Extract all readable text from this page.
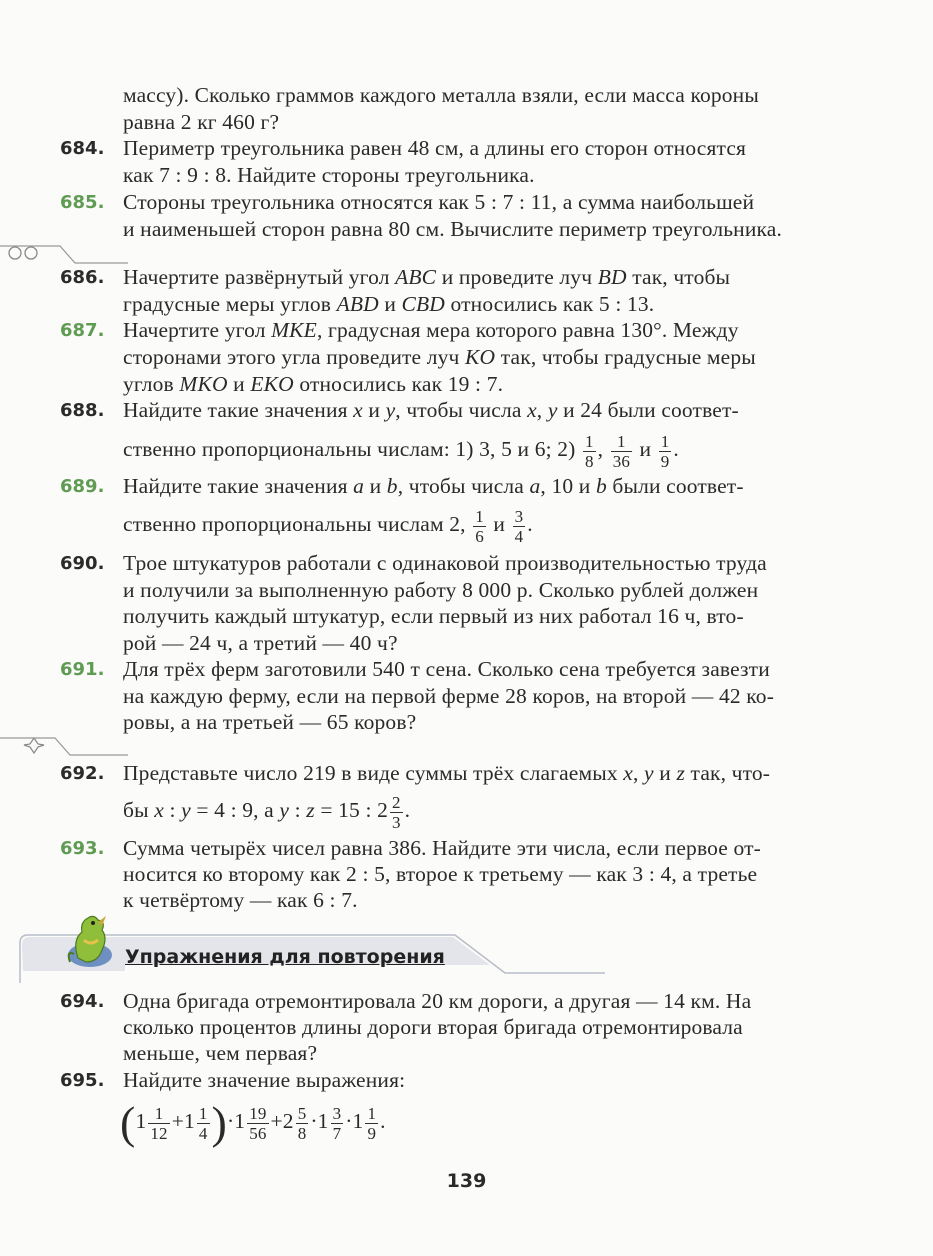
массу). Сколько граммов каждого металла взяли, если масса короны
равна 2 кг 460 г?
684. Периметр треугольника равен 48 см, а длины его сторон относятся
как 7 : 9 : 8. Найдите стороны треугольника.
685. Стороны треугольника относятся как 5 : 7 : 11, а сумма наибольшей
и наименьшей сторон равна 80 см. Вычислите периметр треугольника.
686. Начертите развёрнутый угол ABC и проведите луч BD так, чтобы
градусные меры углов ABD и CBD относились как 5 : 13.
687. Начертите угол MKE, градусная мера которого равна 130°. Между
сторонами этого угла проведите луч KO так, чтобы градусные меры
углов MKO и EKO относились как 19 : 7.
688. Найдите такие значения x и y, чтобы числа x, y и 24 были соответ-
ственно пропорциональны числам: 1) 3, 5 и 6; $2) \frac{1}{8}$ , $\frac{1}{36}$ и $\frac{1}{9}$ .
689. Найдите такие значения a и b, чтобы числа a, 10 и b были соответ-
ственно пропорциональны числам 2, $\frac{1}{6}$ и $\frac{3}{4}$ .
690. Трое штукатуров работали с одинаковой производительностью труда
и получили за выполненную работу 8 000 р. Сколько рублей должен
получить каждый штукатур, если первый из них работал 16 ч, вто-
рой — 24 ч, а третий — 40 ч?
691. Для трёх ферм заготовили 540 т сена. Сколько сена требуется завезти
на каждую ферму, если на первой ферме 28 коров, на второй — 42 ко-
ровы, а на третьей — 65 коров?
692. Представьте число 219 в виде суммы трёх слагаемых x, y и z так, что-
бы x : y = 4 : 9, а y : z = 15 : $2 \frac{2}{3}$ .
693. Сумма четырёх чисел равна 386. Найдите эти числа, если первое от-
носится ко второму как 2 : 5, второе к третьему — как 3 : 4, а третье
к четвёртому — как 6 : 7.
Упражнения для повторения
694. Одна бригада отремонтировала 20 км дороги, а другая — 14 км. На
сколько процентов длины дороги вторая бригада отремонтировала
меньше, чем первая?
695. Найдите значение выражения:
$(1 \frac{1}{12} +1 \frac{1}{4} )\cdot 1 \frac{19}{56} +2 \frac{5}{8} \cdot 1 \frac{3}{7} \cdot 1 \frac{1}{9}$ .
139
